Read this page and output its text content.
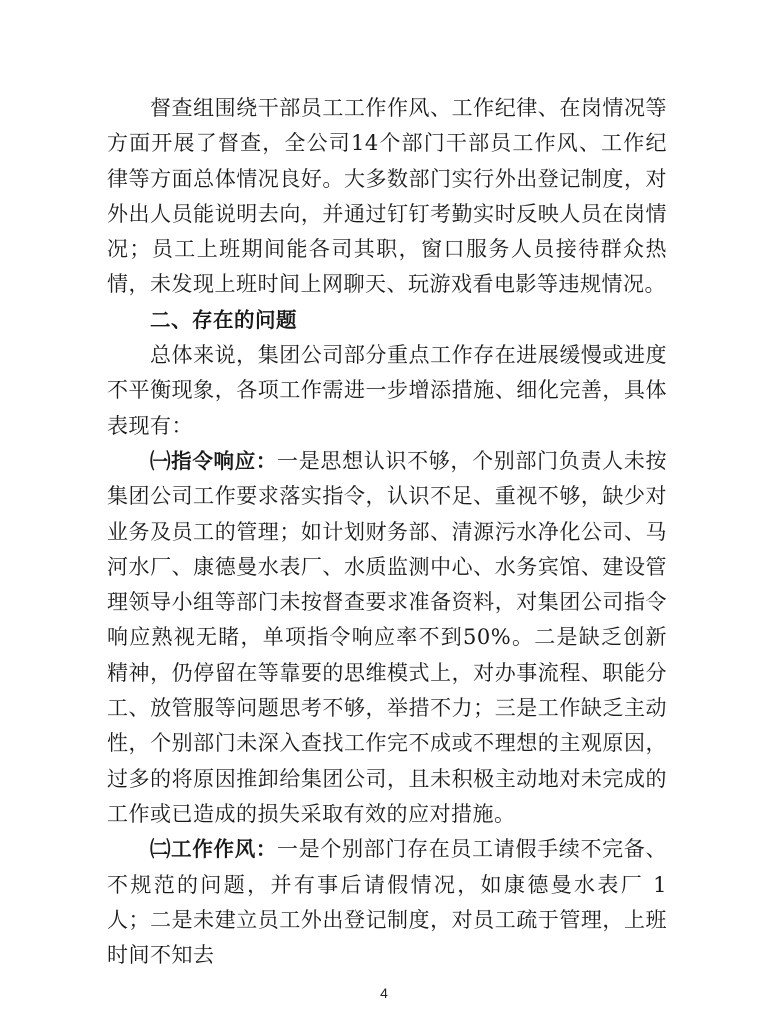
督查组围绕干部员工工作作风、工作纪律、在岗情况等方面开展了督查，全公司14个部门干部员工作风、工作纪律等方面总体情况良好。大多数部门实行外出登记制度，对外出人员能说明去向，并通过钉钉考勤实时反映人员在岗情况；员工上班期间能各司其职，窗口服务人员接待群众热情，未发现上班时间上网聊天、玩游戏看电影等违规情况。

二、存在的问题

总体来说，集团公司部分重点工作存在进展缓慢或进度不平衡现象，各项工作需进一步增添措施、细化完善，具体表现有：

㈠指令响应：一是思想认识不够，个别部门负责人未按集团公司工作要求落实指令，认识不足、重视不够，缺少对业务及员工的管理；如计划财务部、清源污水净化公司、马河水厂、康德曼水表厂、水质监测中心、水务宾馆、建设管理领导小组等部门未按督查要求准备资料，对集团公司指令响应熟视无睹，单项指令响应率不到50%。二是缺乏创新精神，仍停留在等靠要的思维模式上，对办事流程、职能分工、放管服等问题思考不够，举措不力；三是工作缺乏主动性，个别部门未深入查找工作完不成或不理想的主观原因，过多的将原因推卸给集团公司，且未积极主动地对未完成的工作或已造成的损失采取有效的应对措施。

㈡工作作风：一是个别部门存在员工请假手续不完备、不规范的问题，并有事后请假情况，如康德曼水表厂 1 人；二是未建立员工外出登记制度，对员工疏于管理，上班时间不知去

4
